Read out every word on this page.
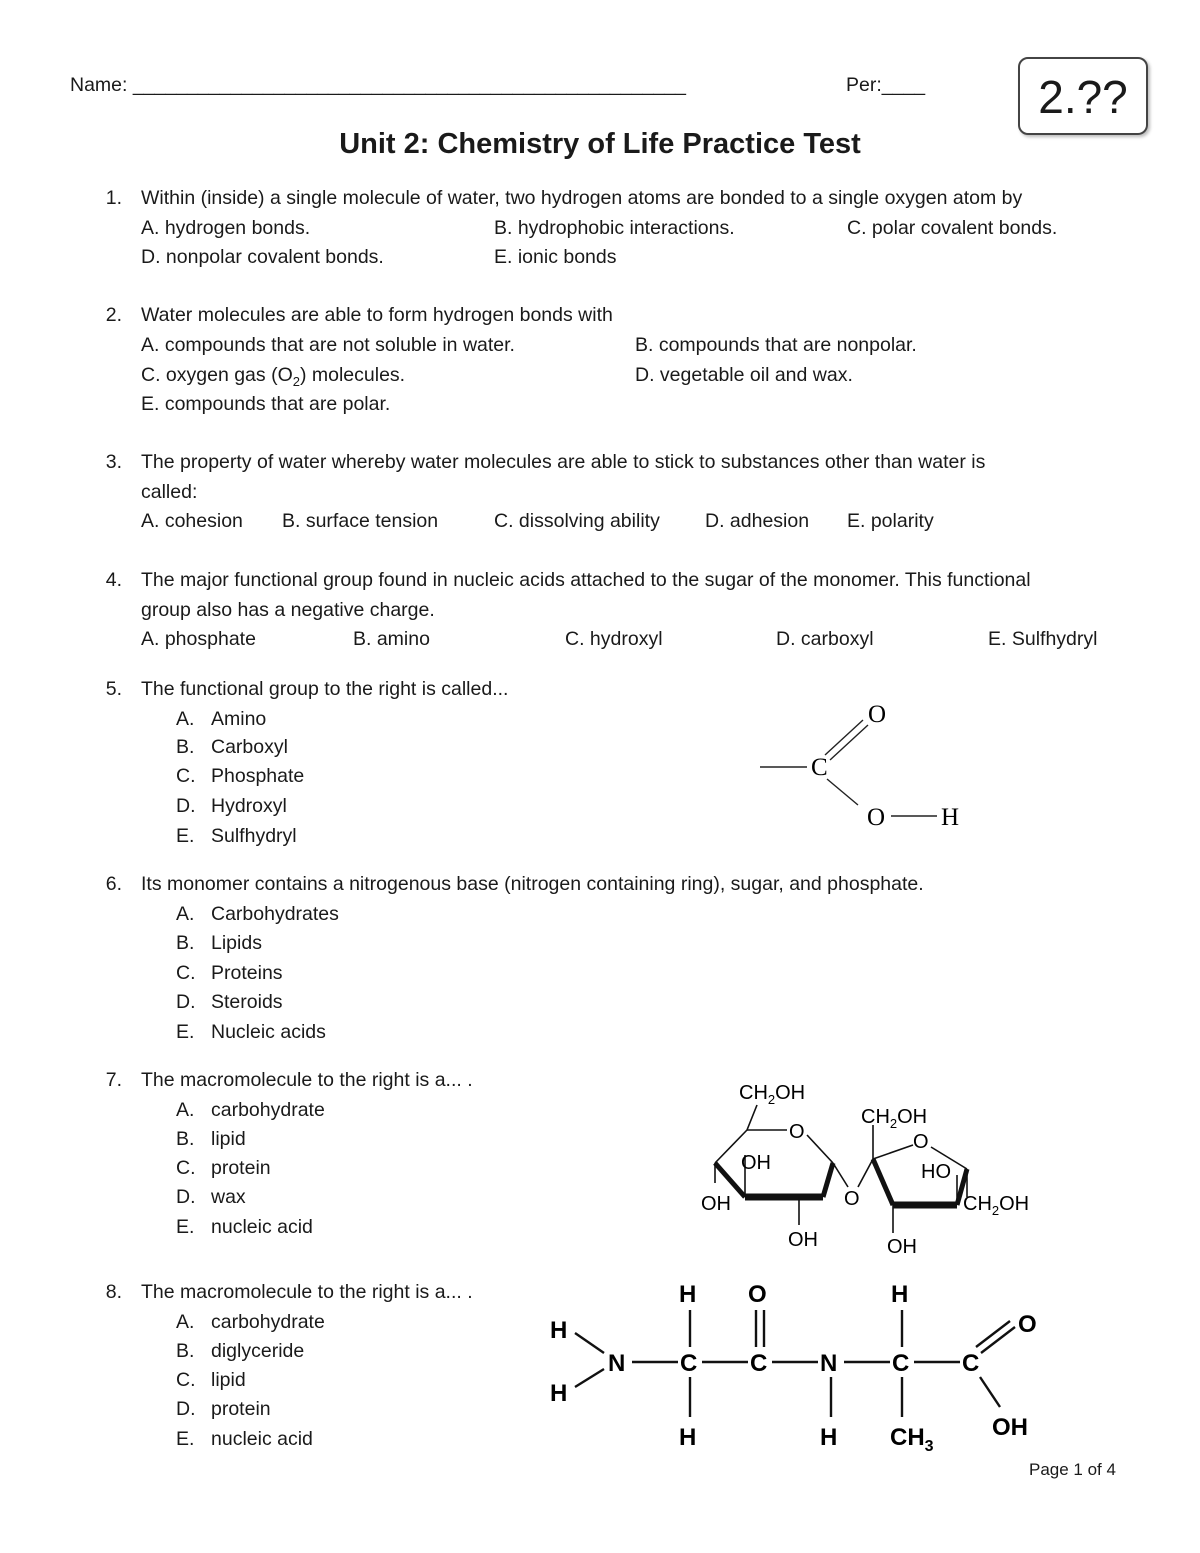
Name: ___________________________________________________	Per:____	2.??
Unit 2: Chemistry of Life Practice Test
1. Within (inside) a single molecule of water, two hydrogen atoms are bonded to a single oxygen atom by
A. hydrogen bonds.	B. hydrophobic interactions.	C. polar covalent bonds.
D. nonpolar covalent bonds.	E. ionic bonds
2. Water molecules are able to form hydrogen bonds with
A. compounds that are not soluble in water.	B. compounds that are nonpolar.
C. oxygen gas $(O_2)$ molecules.	D. vegetable oil and wax.
E. compounds that are polar.
3. The property of water whereby water molecules are able to stick to substances other than water is
called:
A. cohesion B. surface tension	C. dissolving ability D. adhesion E. polarity
4. The major functional group found in nucleic acids attached to the sugar of the monomer. This functional
group also has a negative charge.
A. phosphate	B. amino	C. hydroxyl	D. carboxyl	E. Sulfhydryl
5. The functional group to the right is called...
A. Amino
B. Carboxyl
C. Phosphate
D. Hydroxyl
E. Sulfhydryl
C
O
O H
6. Its monomer contains a nitrogenous base (nitrogen containing ring), sugar, and phosphate.
A. Carbohydrates
B. Lipids
C. Proteins
D. Steroids
E. Nucleic acids
7. The macromolecule to the right is a... .
A. carbohydrate
B. lipid
C. protein
D. wax
E. nucleic acid
$CH_2OH$
O
OH
OH
OH
O
$CH_2OH$
O
HO
$CH_2OH$
OH
8. The macromolecule to the right is a... .
A. carbohydrate
B. diglyceride
C. lipid
D. protein
E. nucleic acid
H O	H
H
N C C N C C
O
H
H	H $CH_3$
OH
Page 1 of 4
